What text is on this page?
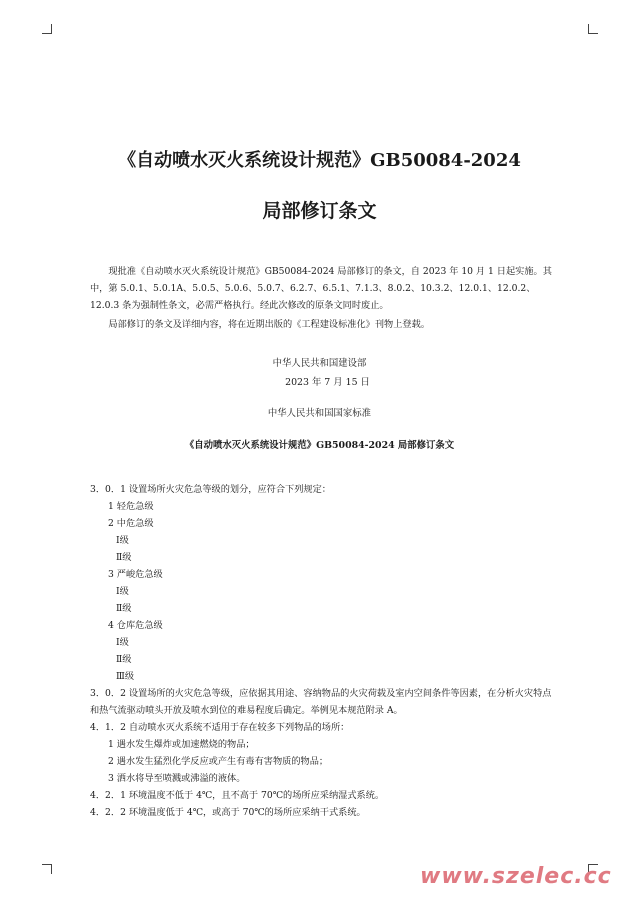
《自动喷水灭火系统设计规范》GB50084-2024
局部修订条文
现批准《自动喷水灭火系统设计规范》GB50084-2024 局部修订的条文，自 2023 年 10 月 1 日起实施。其中，第 5.0.1、5.0.1A、5.0.5、5.0.6、5.0.7、6.2.7、6.5.1、7.1.3、8.0.2、10.3.2、12.0.1、12.0.2、12.0.3 条为强制性条文，必需严格执行。经此次修改的原条文同时废止。
局部修订的条文及详细内容，将在近期出版的《工程建设标准化》刊物上登载。
中华人民共和国建设部
2023 年 7 月 15 日
中华人民共和国国家标准
《自动喷水灭火系统设计规范》GB50084-2024 局部修订条文
3．0．1 设置场所火灾危急等级的划分，应符合下列规定：
1 轻危急级
2 中危急级
Ⅰ级
Ⅱ级
3 严峻危急级
Ⅰ级
Ⅱ级
4 仓库危急级
Ⅰ级
Ⅱ级
Ⅲ级
3．0．2 设置场所的火灾危急等级，应依据其用途、容纳物品的火灾荷载及室内空间条件等因素，在分析火灾特点和热气流驱动喷头开放及喷水到位的难易程度后确定。举例见本规范附录 A。
4．1．2 自动喷水灭火系统不适用于存在较多下列物品的场所：
1 遇水发生爆炸或加速燃烧的物品；
2 遇水发生猛烈化学反应或产生有毒有害物质的物品；
3 洒水将导至喷溅或沸溢的液体。
4．2．1 环境温度不低于 4℃，且不高于 70℃的场所应采纳湿式系统。
4．2．2 环境温度低于 4℃，或高于 70℃的场所应采纳干式系统。
www.szelec.cc
